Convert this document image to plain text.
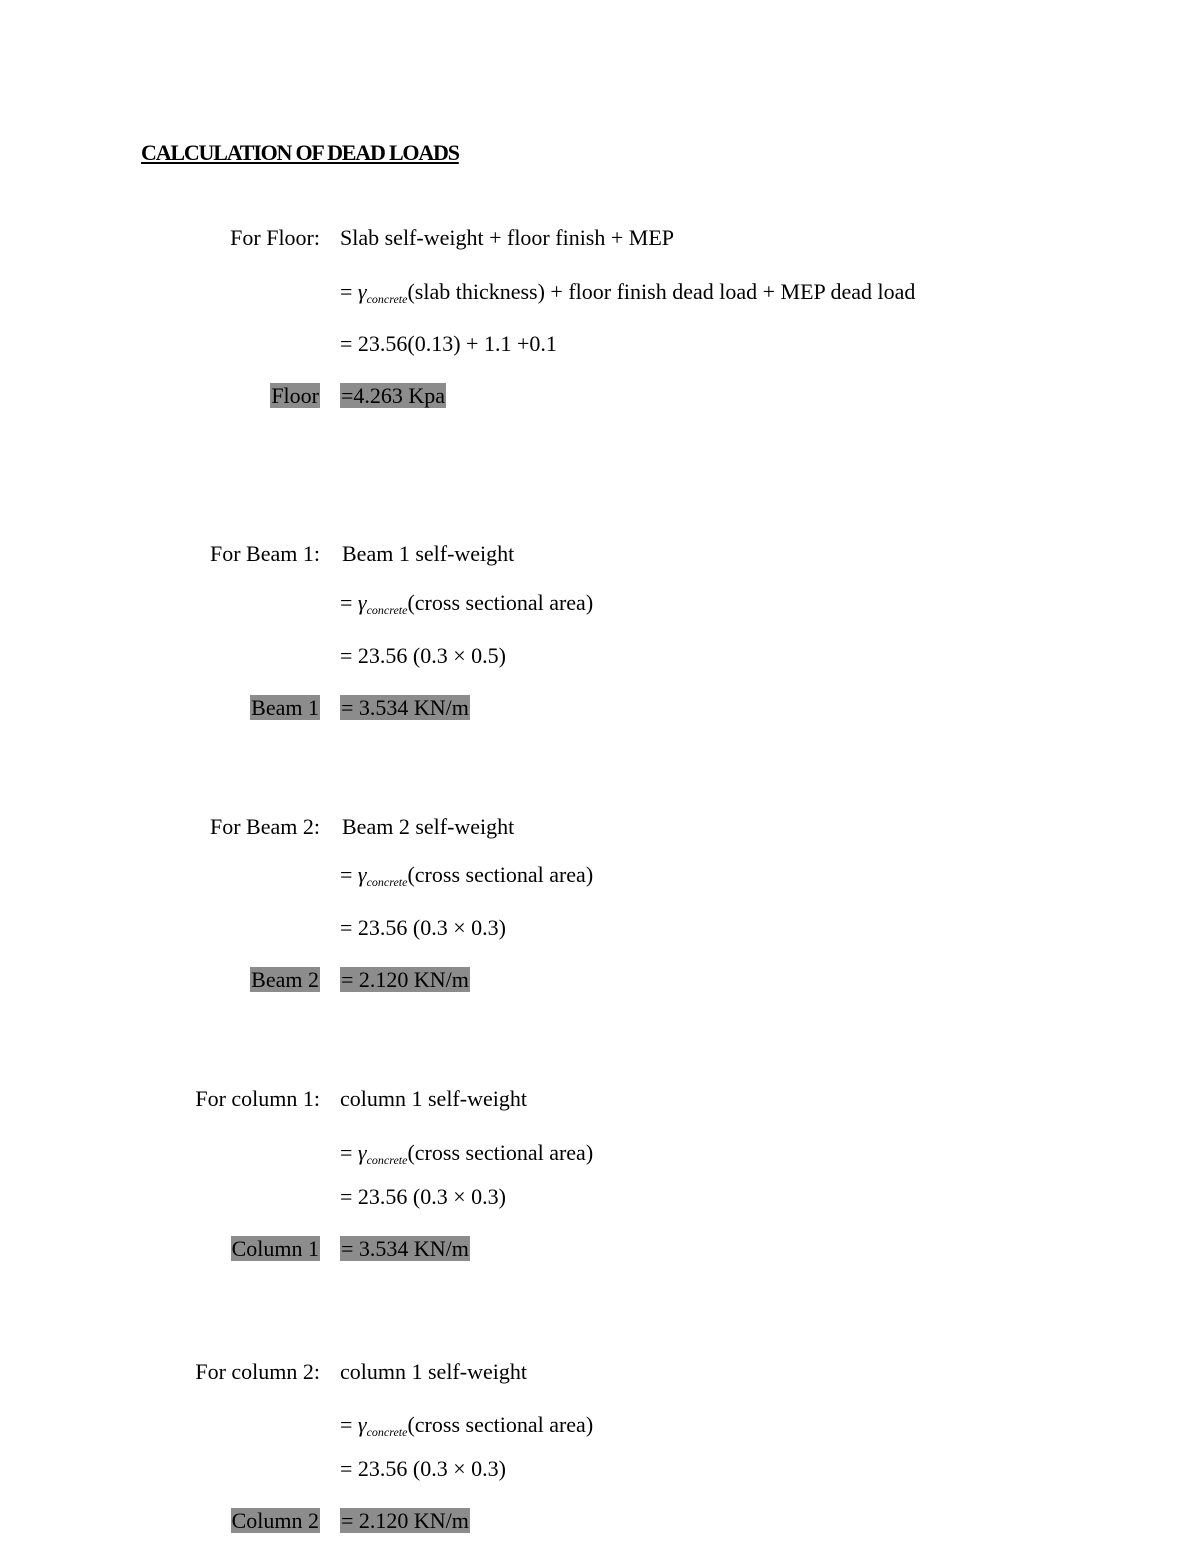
CALCULATION OF DEAD LOADS
For Floor: Slab self-weight + floor finish + MEP
= $\gamma_{concrete}(slab$ thickness) + floor finish dead load + MEP dead load
= 23.56(0.13) + 1.1 +0.1
Floor =4.263 Kpa
For Beam 1: Beam 1 self-weight
= $\gamma_{concrete}(cross$ sectional area)
= 23.56 (0.3 × 0.5)
Beam 1 = 3.534 KN/m
For Beam 2: Beam 2 self-weight
= $\gamma_{concrete}(cross$ sectional area)
= 23.56 (0.3 × 0.3)
Beam 2 = 2.120 KN/m
For column 1: column 1 self-weight
= $\gamma_{concrete}(cross$ sectional area)
= 23.56 (0.3 × 0.3)
Column 1 = 3.534 KN/m
For column 2: column 1 self-weight
= $\gamma_{concrete}(cross$ sectional area)
= 23.56 (0.3 × 0.3)
Column 2 = 2.120 KN/m
